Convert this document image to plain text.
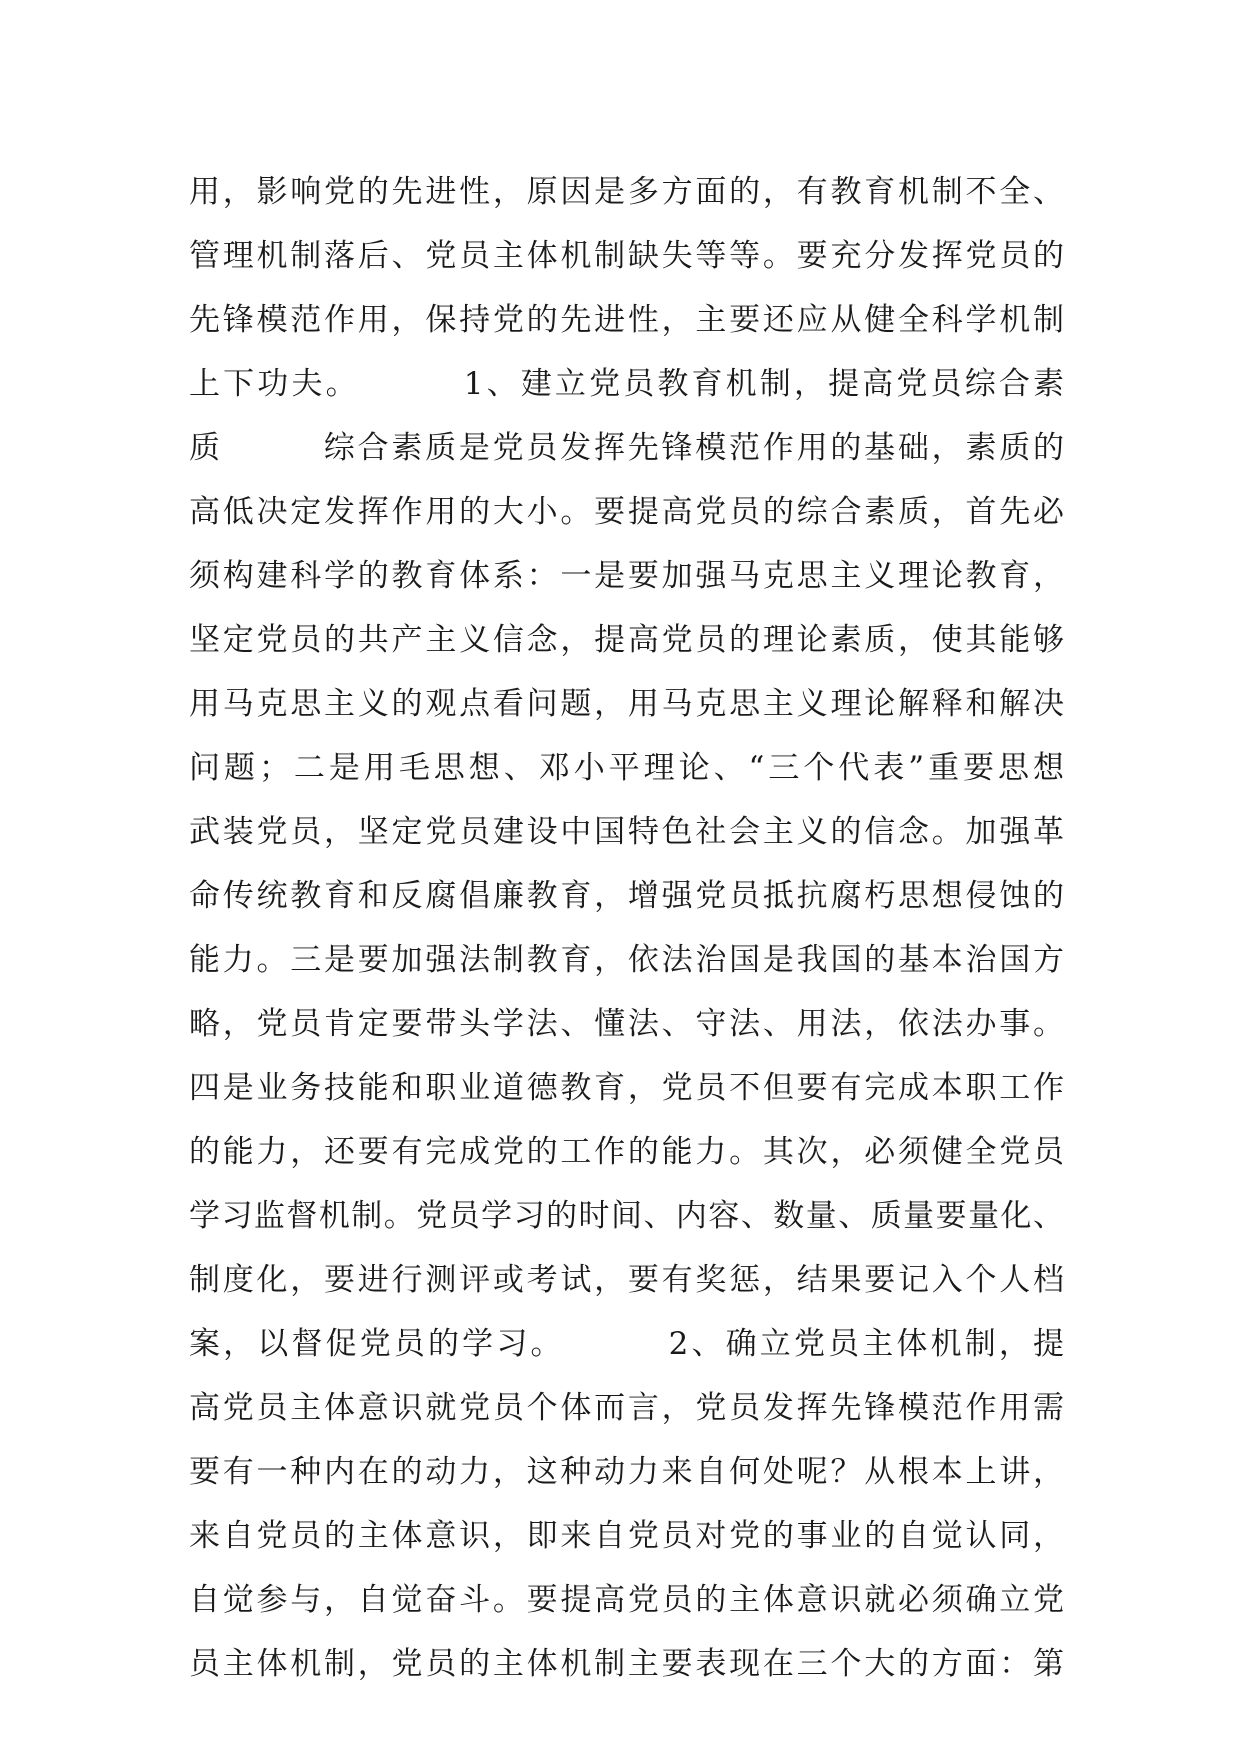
用，影响党的先进性，原因是多方面的，有教育机制不全、
管理机制落后、党员主体机制缺失等等。要充分发挥党员的
先锋模范作用，保持党的先进性，主要还应从健全科学机制
上下功夫。        1、建立党员教育机制，提高党员综合素
质        综合素质是党员发挥先锋模范作用的基础，素质的
高低决定发挥作用的大小。要提高党员的综合素质，首先必
须构建科学的教育体系：一是要加强马克思主义理论教育，
坚定党员的共产主义信念，提高党员的理论素质，使其能够
用马克思主义的观点看问题，用马克思主义理论解释和解决
问题；二是用毛思想、邓小平理论、“三个代表”重要思想
武装党员，坚定党员建设中国特色社会主义的信念。加强革
命传统教育和反腐倡廉教育，增强党员抵抗腐朽思想侵蚀的
能力。三是要加强法制教育，依法治国是我国的基本治国方
略，党员肯定要带头学法、懂法、守法、用法，依法办事。
四是业务技能和职业道德教育，党员不但要有完成本职工作
的能力，还要有完成党的工作的能力。其次，必须健全党员
学习监督机制。党员学习的时间、内容、数量、质量要量化、
制度化，要进行测评或考试，要有奖惩，结果要记入个人档
案，以督促党员的学习。        2、确立党员主体机制，提
高党员主体意识就党员个体而言，党员发挥先锋模范作用需
要有一种内在的动力，这种动力来自何处呢？从根本上讲，
来自党员的主体意识，即来自党员对党的事业的自觉认同，
自觉参与，自觉奋斗。要提高党员的主体意识就必须确立党
员主体机制，党员的主体机制主要表现在三个大的方面：第
